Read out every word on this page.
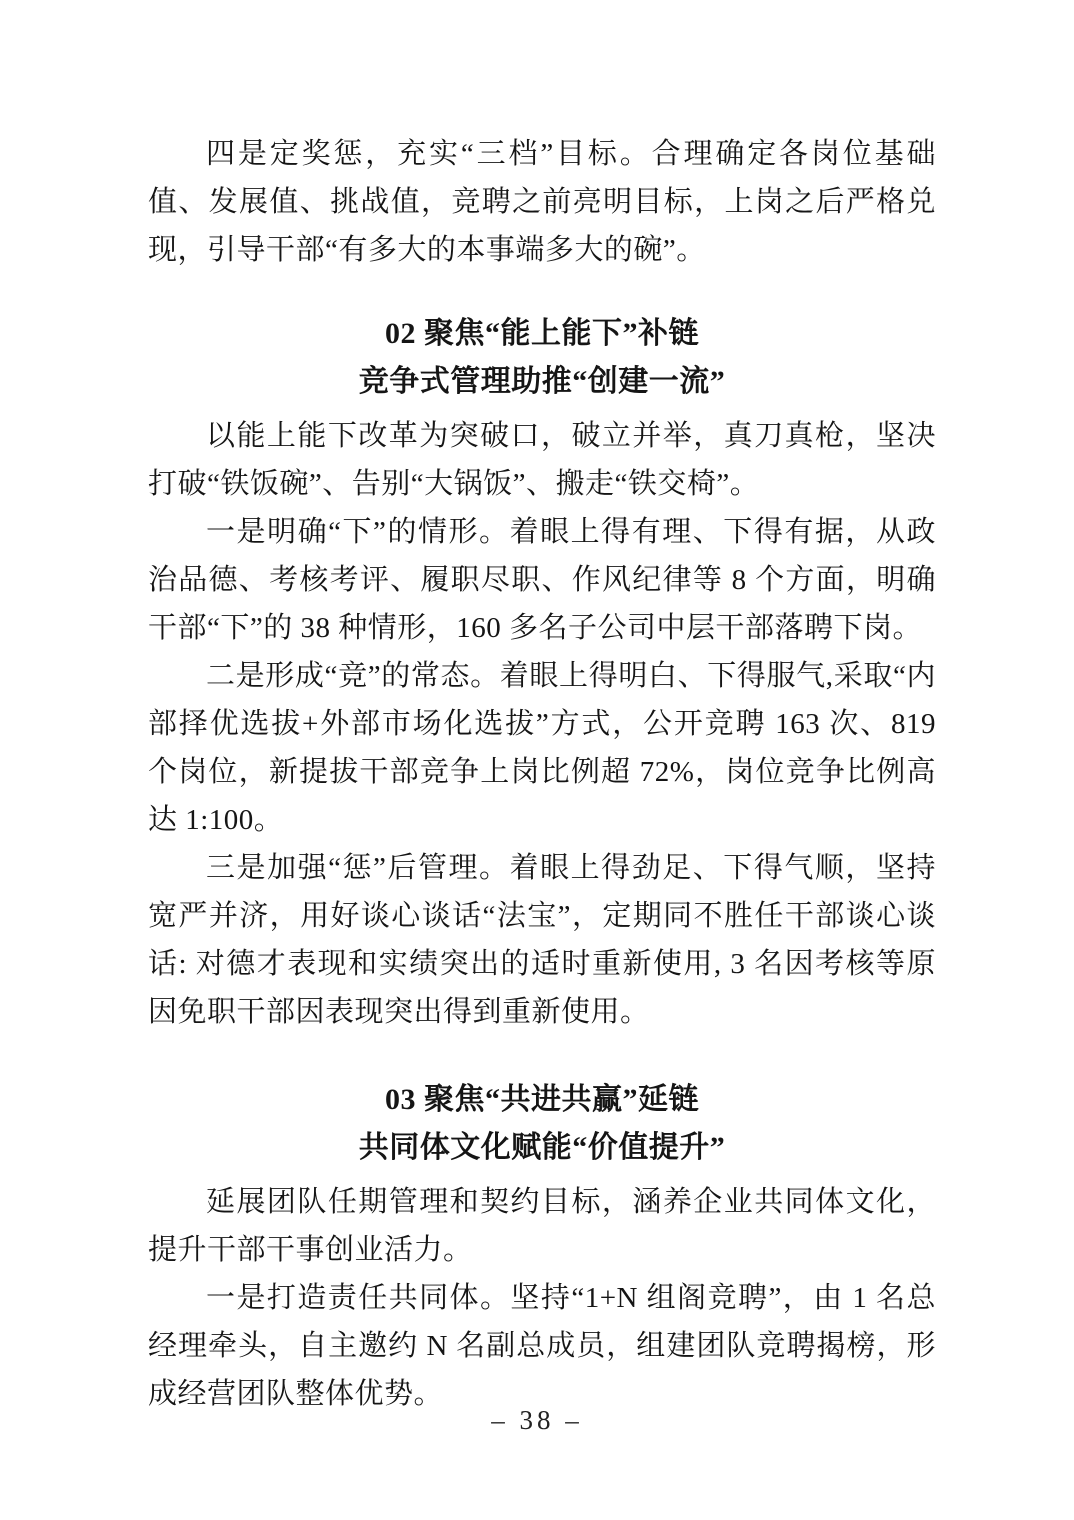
四是定奖惩，充实“三档”目标。合理确定各岗位基础值、发展值、挑战值，竞聘之前亮明目标，上岗之后严格兑现，引导干部“有多大的本事端多大的碗”。

02 聚焦“能上能下”补链
竞争式管理助推“创建一流”

以能上能下改革为突破口，破立并举，真刀真枪，坚决打破“铁饭碗”、告别“大锅饭”、搬走“铁交椅”。

一是明确“下”的情形。着眼上得有理、下得有据，从政治品德、考核考评、履职尽职、作风纪律等 8 个方面，明确干部“下”的 38 种情形，160 多名子公司中层干部落聘下岗。

二是形成“竞”的常态。着眼上得明白、下得服气,采取“内部择优选拔+外部市场化选拔”方式，公开竞聘 163 次、819 个岗位，新提拔干部竞争上岗比例超 72%，岗位竞争比例高达 1:100。

三是加强“惩”后管理。着眼上得劲足、下得气顺，坚持宽严并济，用好谈心谈话“法宝”，定期同不胜任干部谈心谈话: 对德才表现和实绩突出的适时重新使用, 3 名因考核等原因免职干部因表现突出得到重新使用。

03 聚焦“共进共赢”延链
共同体文化赋能“价值提升”

延展团队任期管理和契约目标，涵养企业共同体文化，提升干部干事创业活力。

一是打造责任共同体。坚持“1+N 组阁竞聘”，由 1 名总经理牵头，自主邀约 N 名副总成员，组建团队竞聘揭榜，形成经营团队整体优势。

– 38 –
